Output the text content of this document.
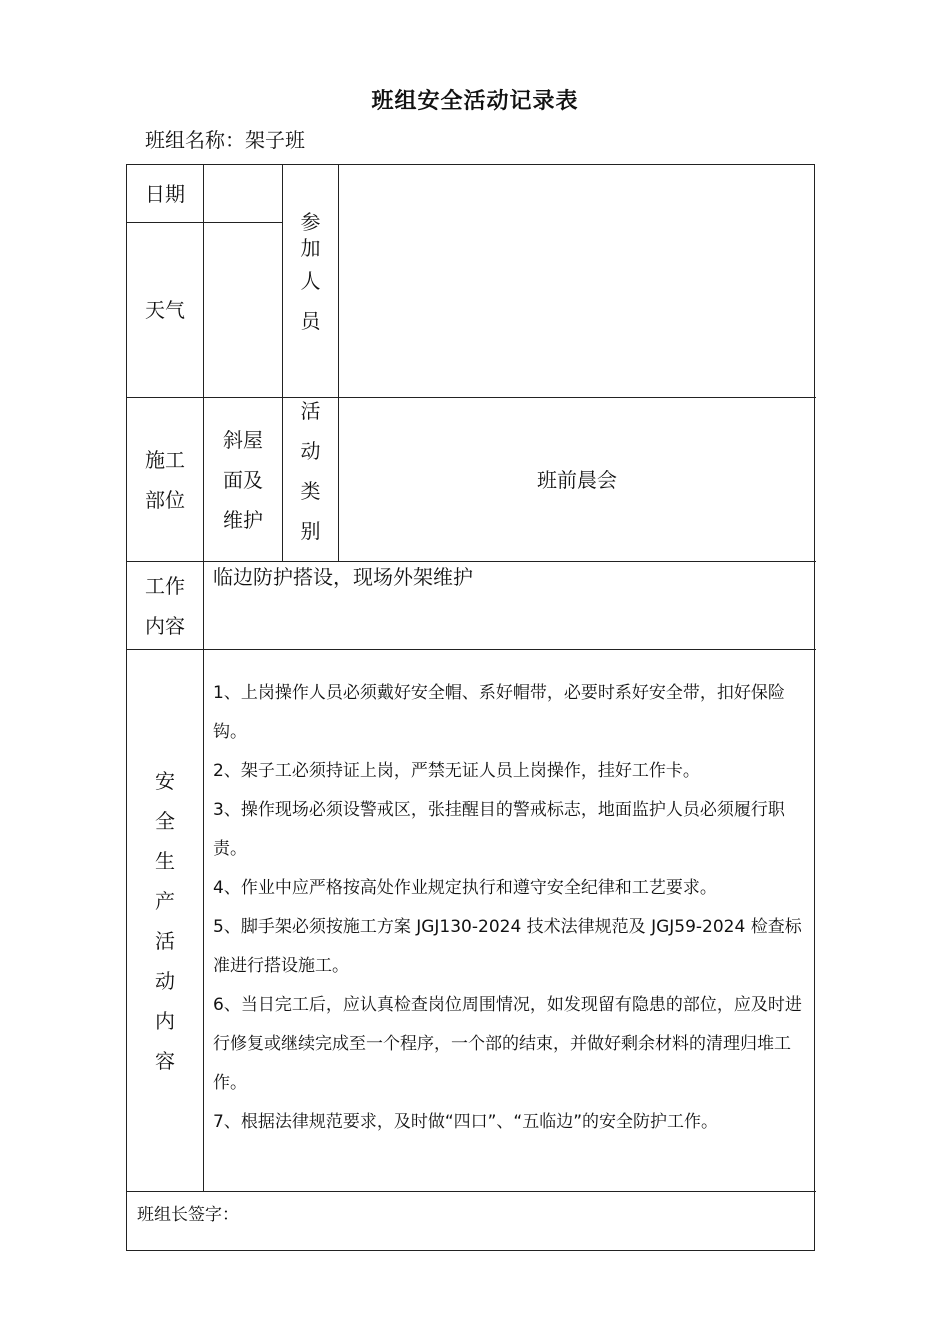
班组安全活动记录表
班组名称：架子班
日期
天气
参
加
人
员
施工
部位
斜屋
面及
维护
活
动
类
别
班前晨会
工作
内容
临边防护搭设，现场外架维护
安
全
生
产
活
动
内
容

1、上岗操作人员必须戴好安全帽、系好帽带，必要时系好安全带，扣好保险钩。

2、架子工必须持证上岗，严禁无证人员上岗操作，挂好工作卡。

3、操作现场必须设警戒区，张挂醒目的警戒标志，地面监护人员必须履行职责。

4、作业中应严格按高处作业规定执行和遵守安全纪律和工艺要求。

5、脚手架必须按施工方案 JGJ130-2024 技术法律规范及 JGJ59-2024 检查标准进行搭设施工。

6、当日完工后，应认真检查岗位周围情况，如发现留有隐患的部位，应及时进行修复或继续完成至一个程序，一个部的结束，并做好剩余材料的清理归堆工作。

7、根据法律规范要求，及时做“四口”、“五临边”的安全防护工作。

班组长签字：
